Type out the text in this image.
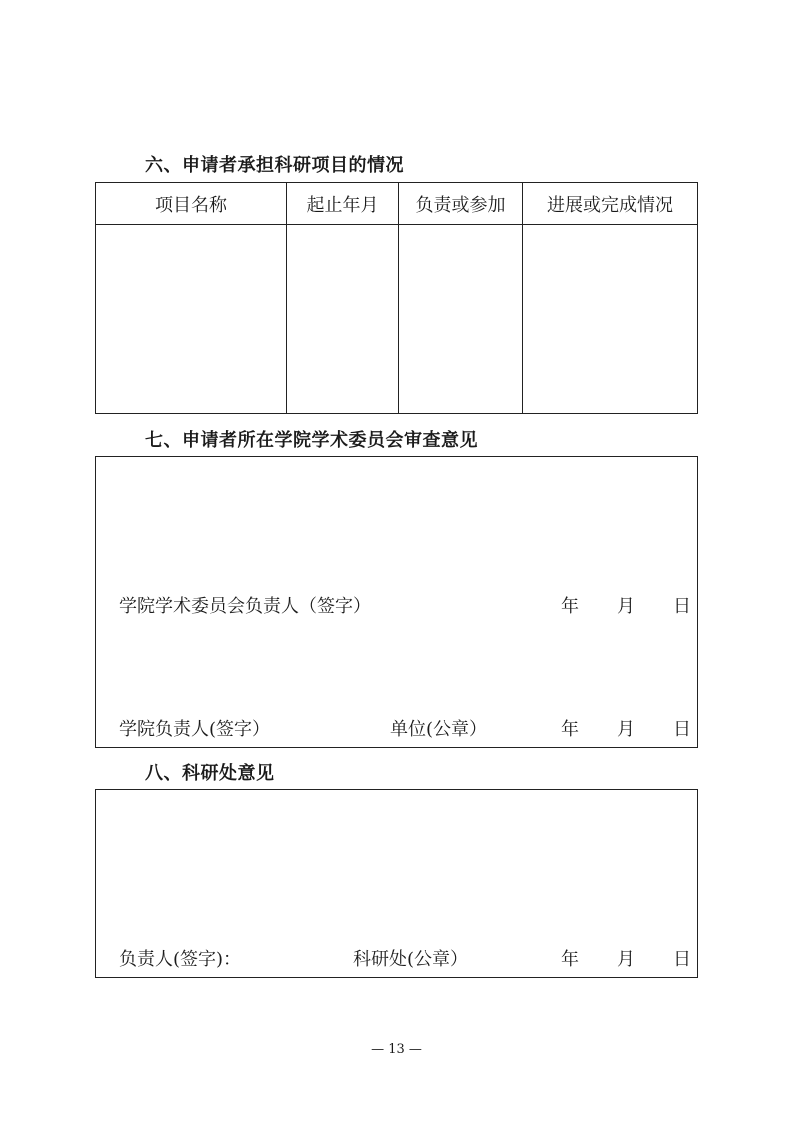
六、申请者承担科研项目的情况
项目名称	起止年月	负责或参加	进展或完成情况

七、申请者所在学院学术委员会审查意见
学院学术委员会负责人（签字）	年 月 日
学院负责人(签字）	单位(公章）	年 月 日
八、科研处意见
负责人(签字)：	科研处(公章）	年 月 日
— 13 —
